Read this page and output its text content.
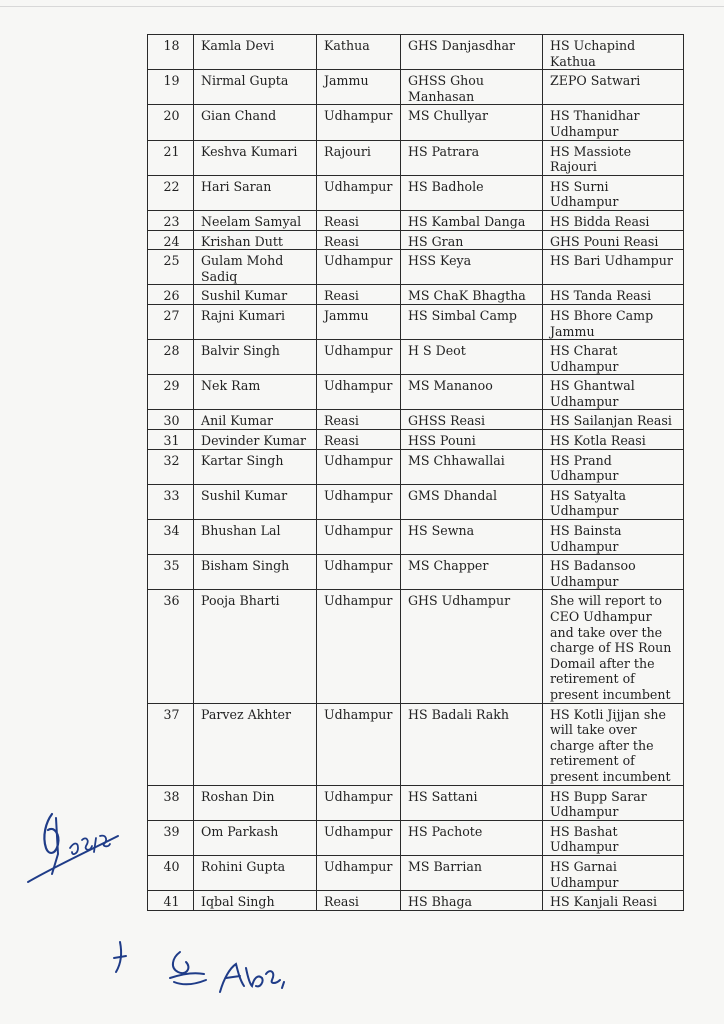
18	Kamla Devi	Kathua	GHS Danjasdhar	HS Uchapind Kathua
19	Nirmal Gupta	Jammu	GHSS Ghou Manhasan	ZEPO Satwari
20	Gian Chand	Udhampur	MS Chullyar	HS Thanidhar Udhampur
21	Keshva Kumari	Rajouri	HS Patrara	HS Massiote Rajouri
22	Hari Saran	Udhampur	HS Badhole	HS Surni Udhampur
23	Neelam Samyal	Reasi	HS Kambal Danga	HS Bidda Reasi
24	Krishan Dutt	Reasi	HS Gran	GHS Pouni Reasi
25	Gulam Mohd Sadiq	Udhampur	HSS Keya	HS Bari Udhampur
26	Sushil Kumar	Reasi	MS ChaK Bhagtha	HS Tanda Reasi
27	Rajni Kumari	Jammu	HS Simbal Camp	HS Bhore Camp Jammu
28	Balvir Singh	Udhampur	H S Deot	HS Charat Udhampur
29	Nek Ram	Udhampur	MS Mananoo	HS Ghantwal Udhampur
30	Anil Kumar	Reasi	GHSS Reasi	HS Sailanjan Reasi
31	Devinder Kumar	Reasi	HSS Pouni	HS Kotla Reasi
32	Kartar Singh	Udhampur	MS Chhawallai	HS Prand Udhampur
33	Sushil Kumar	Udhampur	GMS Dhandal	HS Satyalta Udhampur
34	Bhushan Lal	Udhampur	HS Sewna	HS Bainsta Udhampur
35	Bisham Singh	Udhampur	MS Chapper	HS Badansoo Udhampur
36	Pooja Bharti	Udhampur	GHS Udhampur	She will report to CEO Udhampur and take over the charge of HS Roun Domail after the retirement of present incumbent
37	Parvez Akhter	Udhampur	HS Badali Rakh	HS Kotli Jijjan she will take over charge after the retirement of present incumbent
38	Roshan Din	Udhampur	HS Sattani	HS Bupp Sarar Udhampur
39	Om Parkash	Udhampur	HS Pachote	HS Bashat Udhampur
40	Rohini Gupta	Udhampur	MS Barrian	HS Garnai Udhampur
41	Iqbal Singh	Reasi	HS Bhaga	HS Kanjali Reasi
